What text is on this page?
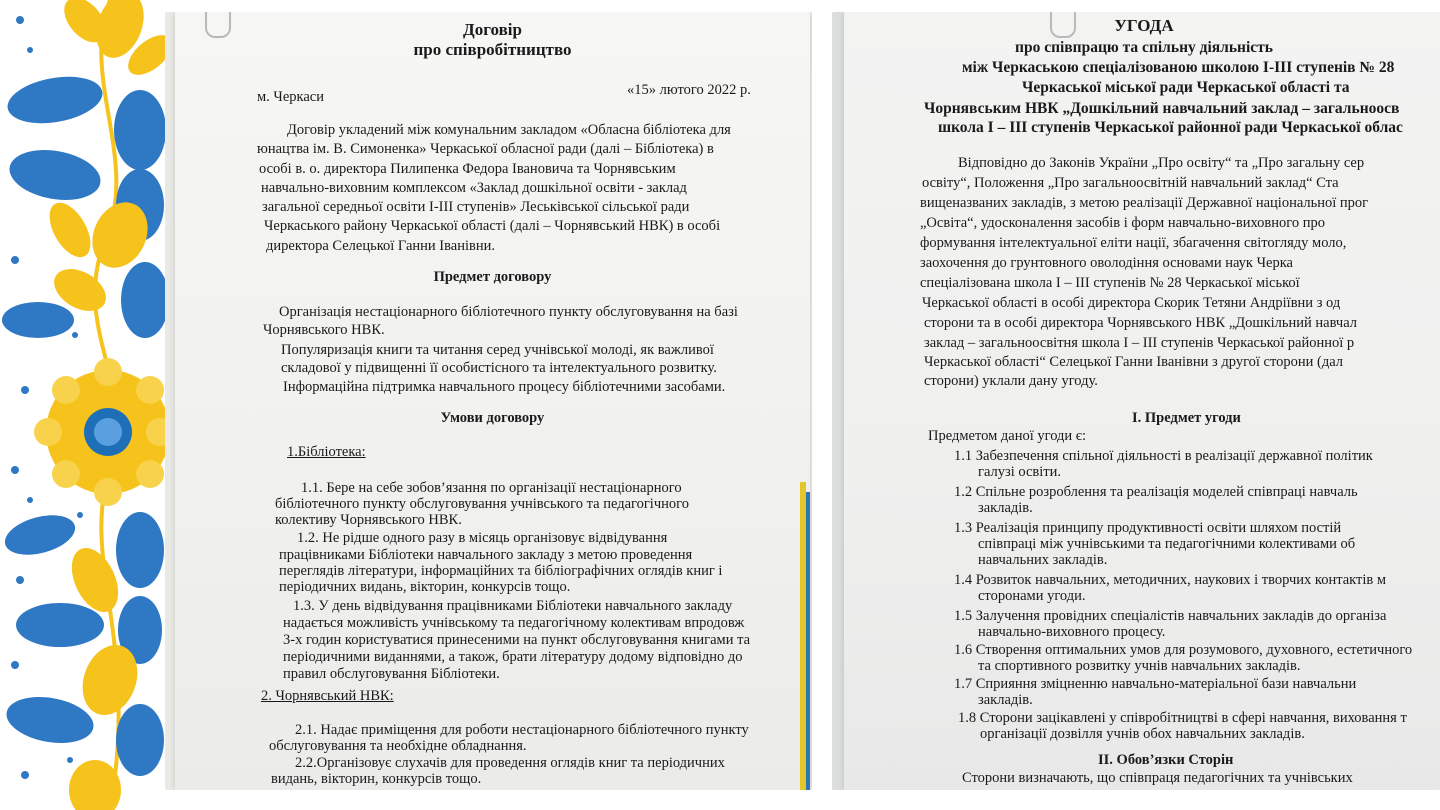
Договір
про співробітництво
м. Черкаси	«15» лютого 2022 р.
Договір укладений між комунальним закладом «Обласна бібліотека для
юнацтва ім. В. Симоненка» Черкаської обласної ради (далі – Бібліотека) в
особі в. о. директора Пилипенка Федора Івановича та Чорнявським
навчально-виховним комплексом «Заклад дошкільної освіти - заклад
загальної середньої освіти І-ІІІ ступенів» Леськівської сільської ради
Черкаського району Черкаської області (далі – Чорнявський НВК) в особі
директора Селецької Ганни Іванівни.
Предмет договору
Організація нестаціонарного бібліотечного пункту обслуговування на базі
Чорнявського НВК.
Популяризація книги та читання серед учнівської молоді, як важливої
складової у підвищенні її особистісного та інтелектуального розвитку.
Інформаційна підтримка навчального процесу бібліотечними засобами.
Умови договору
1.Бібліотека:
1.1. Бере на себе зобов’язання по організації нестаціонарного
бібліотечного пункту обслуговування учнівського та педагогічного
колективу Чорнявського НВК.
1.2. Не рідше одного разу в місяць організовує відвідування
працівниками Бібліотеки навчального закладу з метою проведення
переглядів літератури, інформаційних та бібліографічних оглядів книг і
періодичних видань, вікторин, конкурсів тощо.
1.3. У день відвідування працівниками Бібліотеки навчального закладу
надається можливість учнівському та педагогічному колективам впродовж
3-х годин користуватися принесеними на пункт обслуговування книгами та
періодичними виданнями, а також, брати літературу додому відповідно до
правил обслуговування Бібліотеки.
2. Чорнявський НВК:
2.1. Надає приміщення для роботи нестаціонарного бібліотечного пункту
обслуговування та необхідне обладнання.
2.2.Організовує слухачів для проведення оглядів книг та періодичних
видань, вікторин, конкурсів тощо.
УГОДА
про співпрацю та спільну діяльність
між Черкаською спеціалізованою школою I-III ступенів № 28
Черкаської міської ради Черкаської області та
Чорнявським НВК „Дошкільний навчальний заклад – загальноосв
школа I – III ступенів Черкаської районної ради Черкаської облас
Відповідно до Законів України „Про освіту“ та „Про загальну сер
освіту“, Положення „Про загальноосвітній навчальний заклад“ Ста
вищеназваних закладів, з метою реалізації Державної національної прог
„Освіта“, удосконалення засобів і форм навчально-виховного про
формування інтелектуальної еліти нації, збагачення світогляду моло,
заохочення до грунтовного оволодіння основами наук Черка
спеціалізована школа I – III ступенів № 28 Черкаської міської
Черкаської області в особі директора Скорик Тетяни Андріївни з од
сторони та в особі директора Чорнявського НВК „Дошкільний навчал
заклад – загальноосвітня школа I – III ступенів Черкаської районної р
Черкаської області“ Селецької Ганни Іванівни з другої сторони (дал
сторони) уклали дану угоду.
I. Предмет угоди
Предметом даної угоди є:
1.1 Забезпечення спільної діяльності в реалізації державної політик
галузі освіти.
1.2 Спільне розроблення та реалізація моделей співпраці навчаль
закладів.
1.3 Реалізація принципу продуктивності освіти шляхом постій
співпраці між учнівськими та педагогічними колективами об
навчальних закладів.
1.4 Розвиток навчальних, методичних, наукових і творчих контактів м
сторонами угоди.
1.5 Залучення провідних спеціалістів навчальних закладів до організа
навчально-виховного процесу.
1.6 Створення оптимальних умов для розумового, духовного, естетичного
та спортивного розвитку учнів навчальних закладів.
1.7 Сприяння зміцненню навчально-матеріальної бази навчальни
закладів.
1.8 Сторони зацікавлені у співробітництві в сфері навчання, виховання т
організації дозвілля учнів обох навчальних закладів.
II. Обов’язки Сторін
Сторони визначають, що співпраця педагогічних та учнівських
